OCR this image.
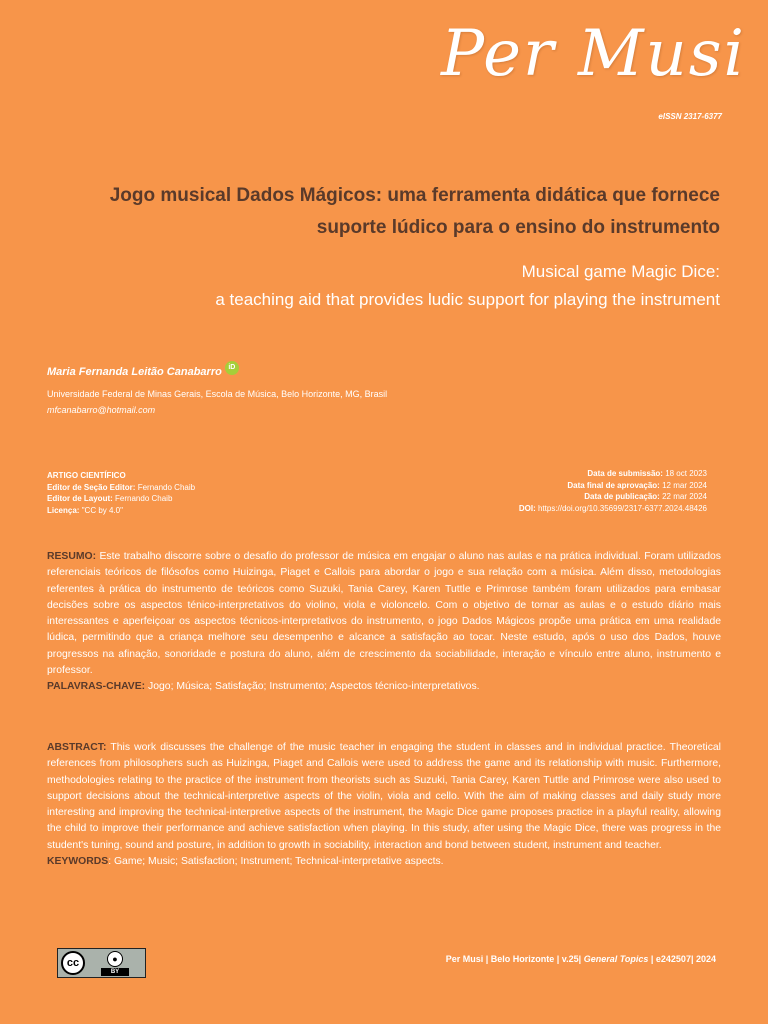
Per Musi
eISSN 2317-6377
Jogo musical Dados Mágicos: uma ferramenta didática que fornece suporte lúdico para o ensino do instrumento
Musical game Magic Dice:
a teaching aid that provides ludic support for playing the instrument
Maria Fernanda Leitão Canabarro iD
Universidade Federal de Minas Gerais, Escola de Música, Belo Horizonte, MG, Brasil
mfcanabarro@hotmail.com
ARTIGO CIENTÍFICO
Editor de Seção Editor: Fernando Chaib
Editor de Layout: Fernando Chaib
Licença: "CC by 4.0"
Data de submissão: 18 oct 2023
Data final de aprovação: 12 mar 2024
Data de publicação: 22 mar 2024
DOI: https://doi.org/10.35699/2317-6377.2024.48426
RESUMO: Este trabalho discorre sobre o desafio do professor de música em engajar o aluno nas aulas e na prática individual. Foram utilizados referenciais teóricos de filósofos como Huizinga, Piaget e Callois para abordar o jogo e sua relação com a música. Além disso, metodologias referentes à prática do instrumento de teóricos como Suzuki, Tania Carey, Karen Tuttle e Primrose também foram utilizados para embasar decisões sobre os aspectos ténico-interpretativos do violino, viola e violoncelo. Com o objetivo de tornar as aulas e o estudo diário mais interessantes e aperfeiçoar os aspectos técnicos-interpretativos do instrumento, o jogo Dados Mágicos propõe uma prática em uma realidade lúdica, permitindo que a criança melhore seu desempenho e alcance a satisfação ao tocar. Neste estudo, após o uso dos Dados, houve progressos na afinação, sonoridade e postura do aluno, além de crescimento da sociabilidade, interação e vínculo entre aluno, instrumento e professor.
PALAVRAS-CHAVE: Jogo; Música; Satisfação; Instrumento; Aspectos técnico-interpretativos.
ABSTRACT: This work discusses the challenge of the music teacher in engaging the student in classes and in individual practice. Theoretical references from philosophers such as Huizinga, Piaget and Callois were used to address the game and its relationship with music. Furthermore, methodologies relating to the practice of the instrument from theorists such as Suzuki, Tania Carey, Karen Tuttle and Primrose were also used to support decisions about the technical-interpretive aspects of the violin, viola and cello. With the aim of making classes and daily study more interesting and improving the technical-interpretive aspects of the instrument, the Magic Dice game proposes practice in a playful reality, allowing the child to improve their performance and achieve satisfaction when playing. In this study, after using the Magic Dice, there was progress in the student's tuning, sound and posture, in addition to growth in sociability, interaction and bond between student, instrument and teacher.
KEYWORDS: Game; Music; Satisfaction; Instrument; Technical-interpretative aspects.
cc	●
BY
Per Musi | Belo Horizonte | v.25| General Topics | e242507| 2024
